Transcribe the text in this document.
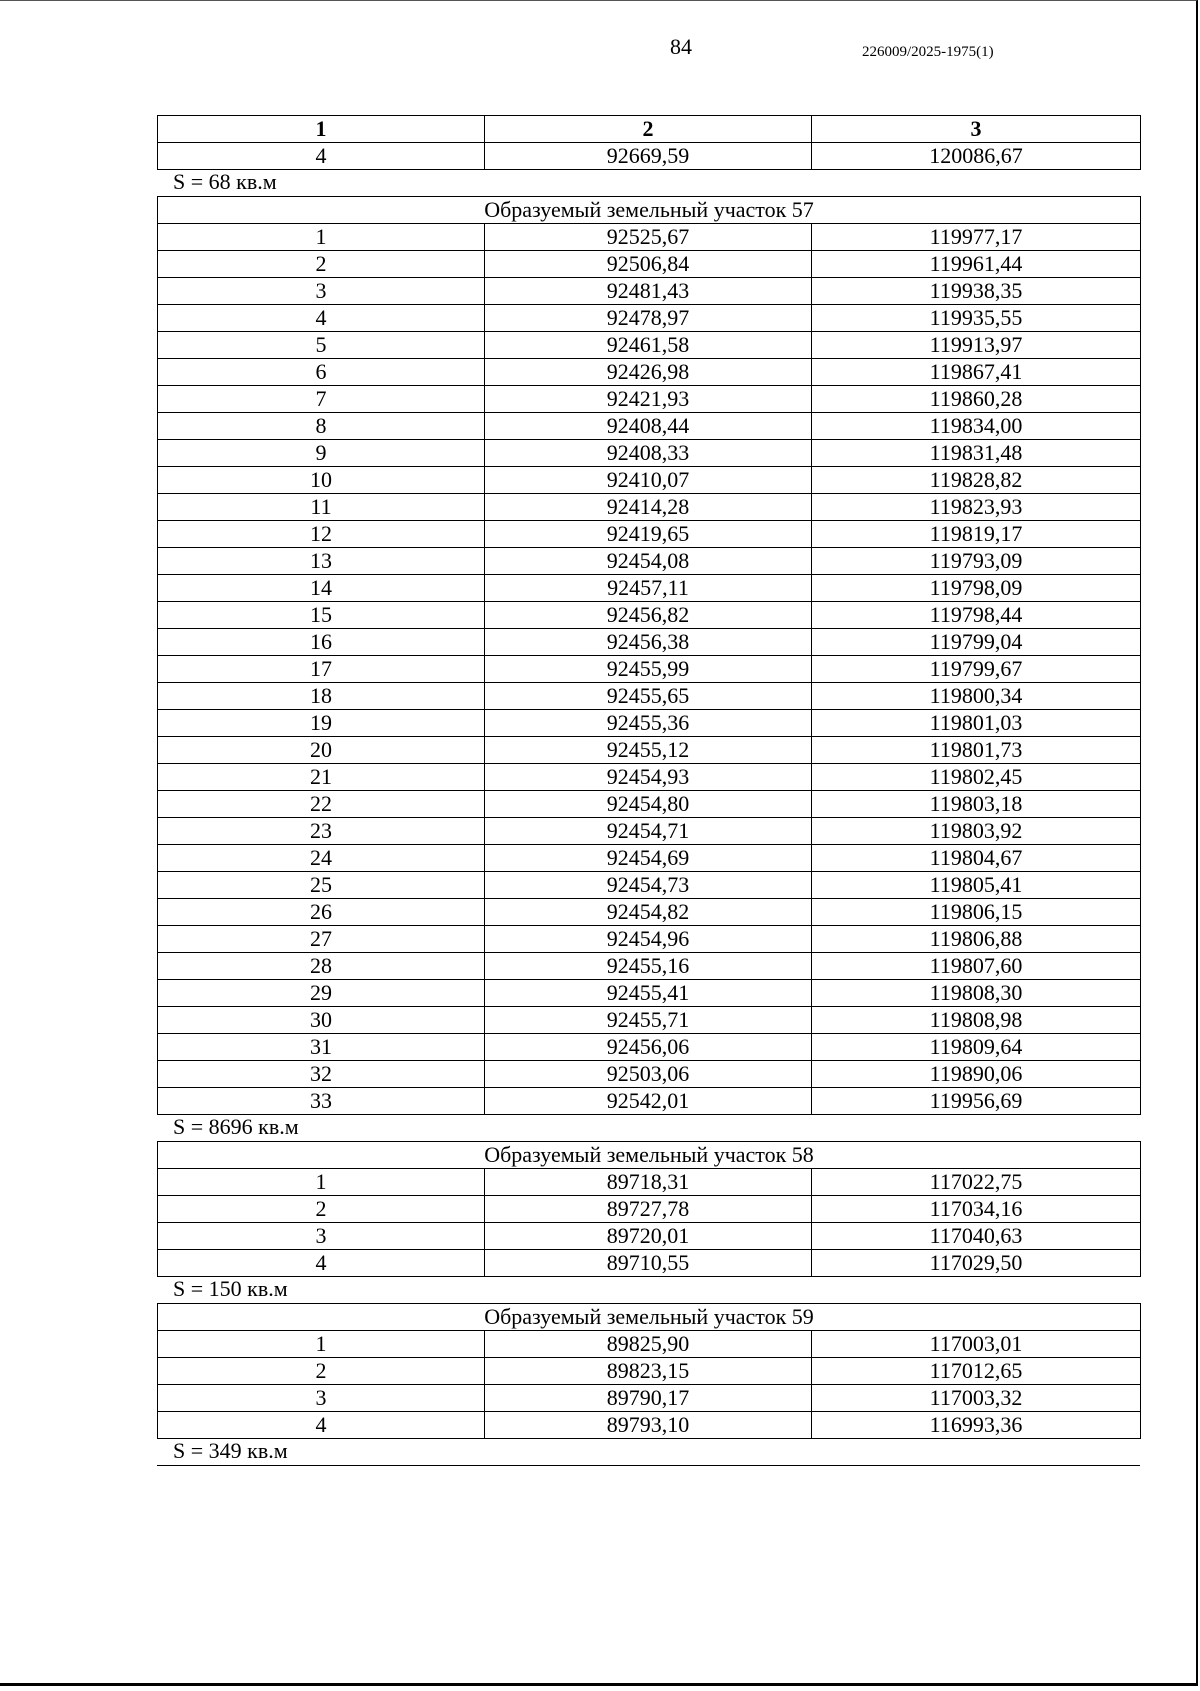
84	226009/2025-1975(1)
1	2	3
4	92669,59	120086,67
S = 68 кв.м
Образуемый земельный участок 57		
1	92525,67	119977,17
2	92506,84	119961,44
3	92481,43	119938,35
4	92478,97	119935,55
5	92461,58	119913,97
6	92426,98	119867,41
7	92421,93	119860,28
8	92408,44	119834,00
9	92408,33	119831,48
10	92410,07	119828,82
11	92414,28	119823,93
12	92419,65	119819,17
13	92454,08	119793,09
14	92457,11	119798,09
15	92456,82	119798,44
16	92456,38	119799,04
17	92455,99	119799,67
18	92455,65	119800,34
19	92455,36	119801,03
20	92455,12	119801,73
21	92454,93	119802,45
22	92454,80	119803,18
23	92454,71	119803,92
24	92454,69	119804,67
25	92454,73	119805,41
26	92454,82	119806,15
27	92454,96	119806,88
28	92455,16	119807,60
29	92455,41	119808,30
30	92455,71	119808,98
31	92456,06	119809,64
32	92503,06	119890,06
33	92542,01	119956,69
S = 8696 кв.м
Образуемый земельный участок 58		
1	89718,31	117022,75
2	89727,78	117034,16
3	89720,01	117040,63
4	89710,55	117029,50
S = 150 кв.м
Образуемый земельный участок 59		
1	89825,90	117003,01
2	89823,15	117012,65
3	89790,17	117003,32
4	89793,10	116993,36
S = 349 кв.м
